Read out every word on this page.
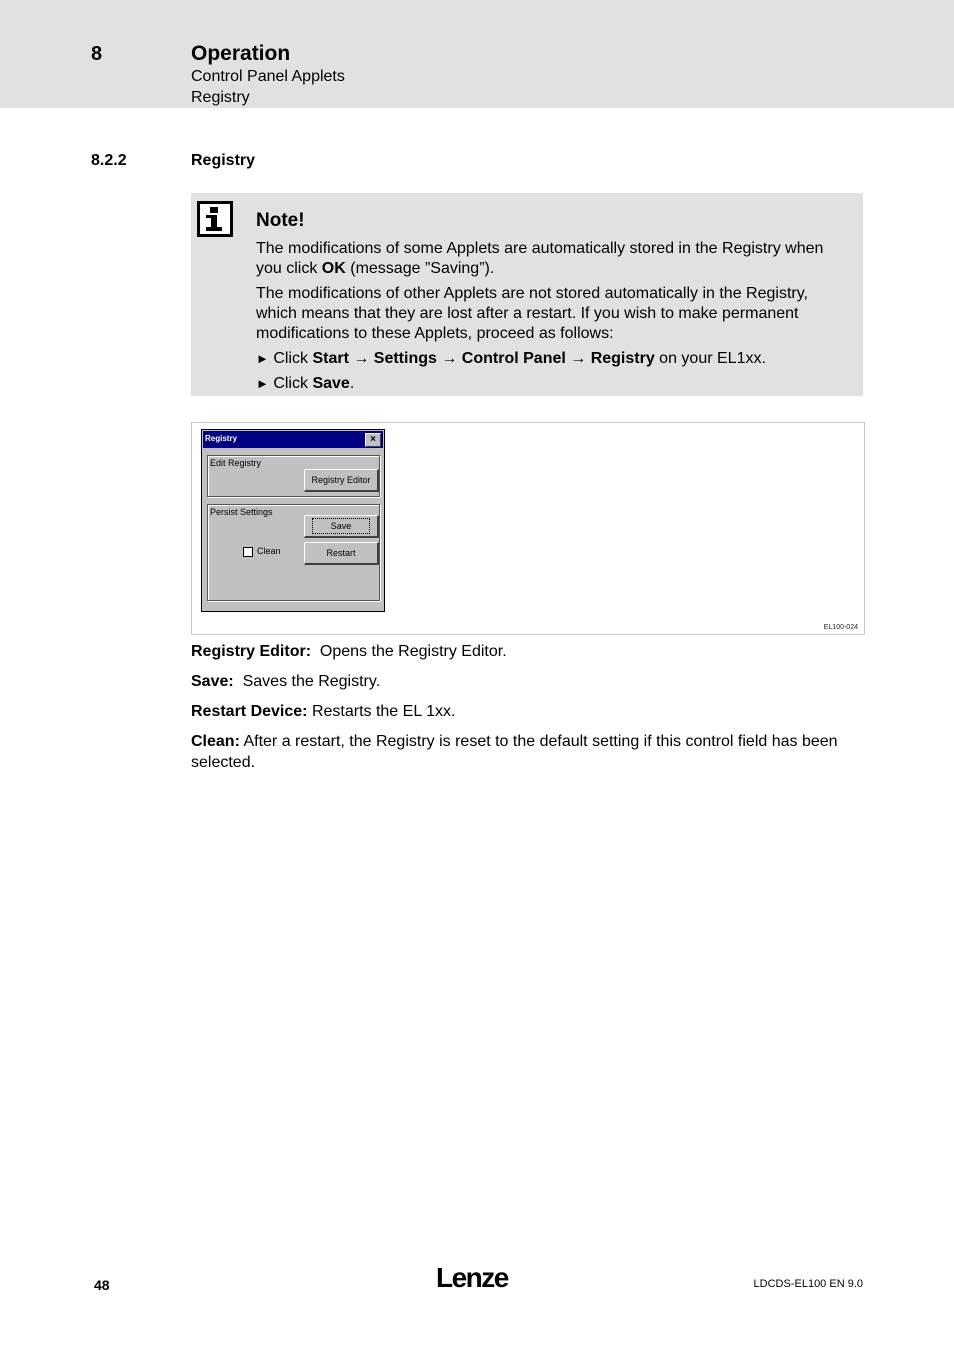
8	Operation
Control Panel Applets
Registry
8.2.2	Registry
Note!

The modifications of some Applets are automatically stored in the Registry when you click OK (message ”Saving”).

The modifications of other Applets are not stored automatically in the Registry, which means that they are lost after a restart. If you wish to make permanent modifications to these Applets, proceed as follows:

► Click Start → Settings → Control Panel → Registry on your EL1xx.
► Click Save.
Registry	×
Edit Registry
Registry Editor
Persist Settings
Save
Restart
Clean
EL100-024
Registry Editor:  Opens the Registry Editor.
Save:  Saves the Registry.
Restart Device: Restarts the EL 1xx.
Clean: After a restart, the Registry is reset to the default setting if this control field has been selected.
48	Lenze	LDCDS-EL100 EN 9.0
